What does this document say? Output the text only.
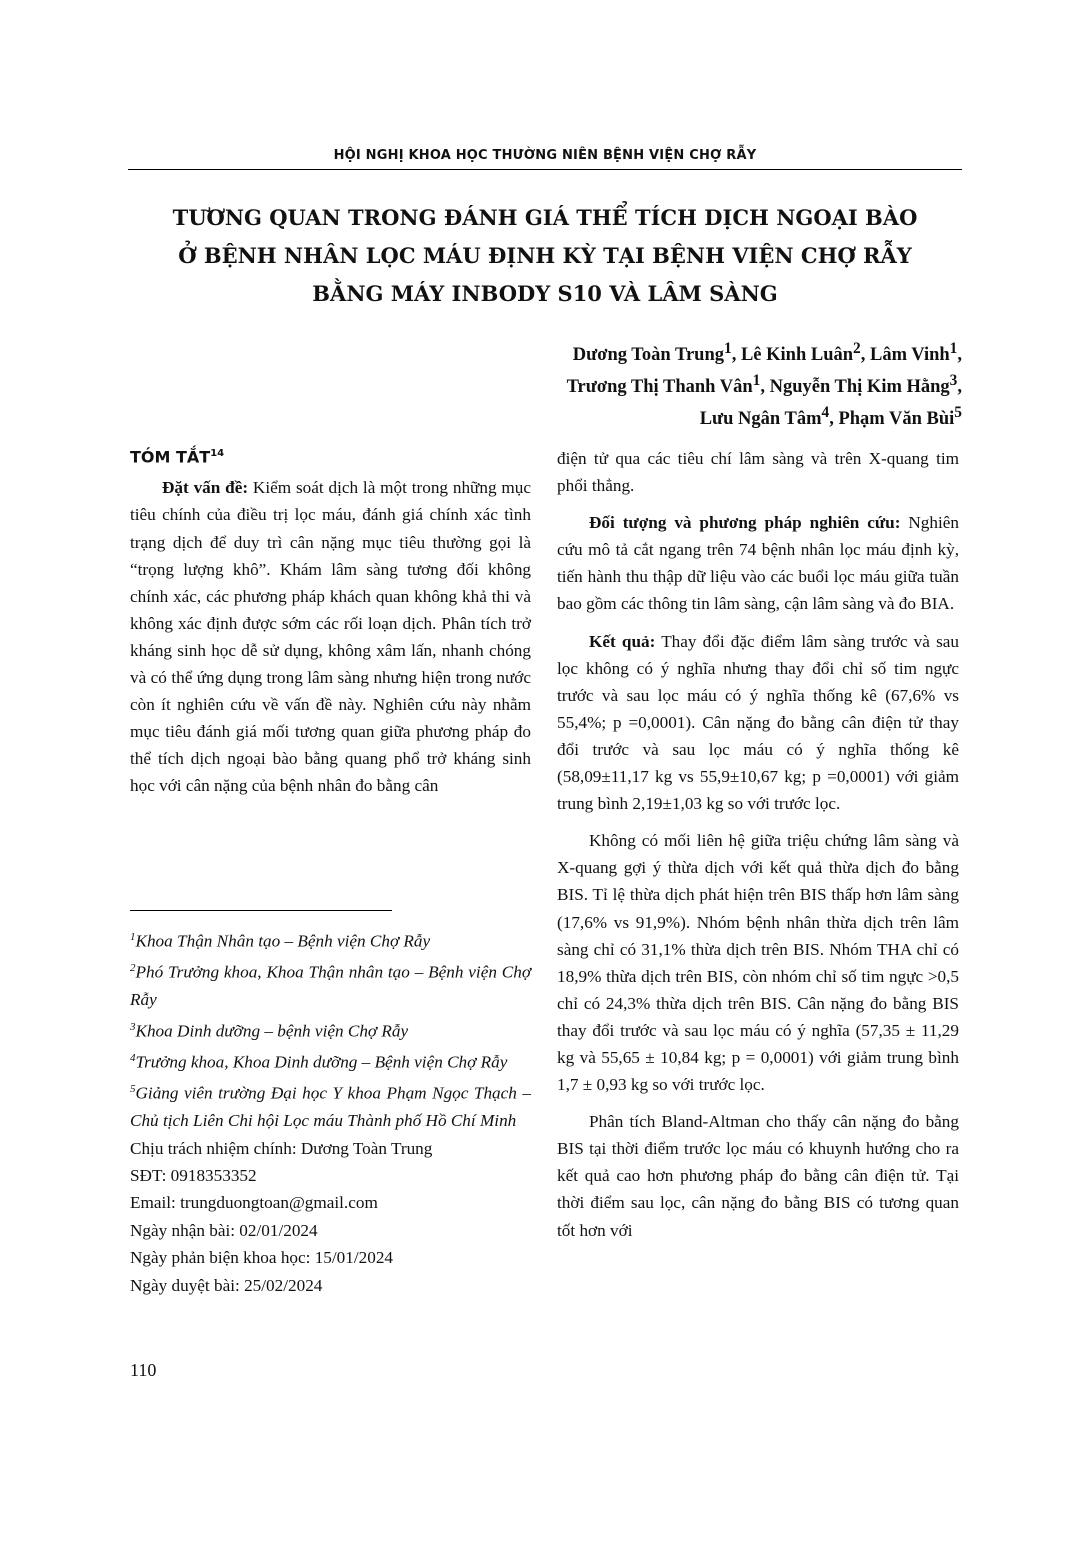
HỘI NGHỊ KHOA HỌC THƯỜNG NIÊN BỆNH VIỆN CHỢ RẪY
TƯƠNG QUAN TRONG ĐÁNH GIÁ THỂ TÍCH DỊCH NGOẠI BÀO
Ở BỆNH NHÂN LỌC MÁU ĐỊNH KỲ TẠI BỆNH VIỆN CHỢ RẪY
BẰNG MÁY INBODY S10 VÀ LÂM SÀNG
Dương Toàn Trung$^1$, Lê Kinh Luân$^2$, Lâm Vinh$^1$,
Trương Thị Thanh Vân$^1$, Nguyễn Thị Kim Hằng$^3$,
Lưu Ngân Tâm$^4$, Phạm Văn Bùi$^5$
TÓM TẮT$^{14}$

Đặt vấn đề: Kiểm soát dịch là một trong những mục tiêu chính của điều trị lọc máu, đánh giá chính xác tình trạng dịch để duy trì cân nặng mục tiêu thường gọi là “trọng lượng khô”. Khám lâm sàng tương đối không chính xác, các phương pháp khách quan không khả thi và không xác định được sớm các rối loạn dịch. Phân tích trở kháng sinh học dễ sử dụng, không xâm lấn, nhanh chóng và có thể ứng dụng trong lâm sàng nhưng hiện trong nước còn ít nghiên cứu về vấn đề này. Nghiên cứu này nhằm mục tiêu đánh giá mối tương quan giữa phương pháp đo thể tích dịch ngoại bào bằng quang phổ trở kháng sinh học với cân nặng của bệnh nhân đo bằng cân

$^1$Khoa Thận Nhân tạo – Bệnh viện Chợ Rẫy

$^2$Phó Trưởng khoa, Khoa Thận nhân tạo – Bệnh viện Chợ Rẫy

$^3$Khoa Dinh dưỡng – bệnh viện Chợ Rẫy

$^4$Trưởng khoa, Khoa Dinh dưỡng – Bệnh viện Chợ Rẫy

$^5$Giảng viên trường Đại học Y khoa Phạm Ngọc Thạch – Chủ tịch Liên Chi hội Lọc máu Thành phố Hồ Chí Minh

Chịu trách nhiệm chính: Dương Toàn Trung

SĐT: 0918353352

Email: trungduongtoan@gmail.com

Ngày nhận bài: 02/01/2024

Ngày phản biện khoa học: 15/01/2024

Ngày duyệt bài: 25/02/2024

điện tử qua các tiêu chí lâm sàng và trên X-quang tim phổi thẳng.

Đối tượng và phương pháp nghiên cứu: Nghiên cứu mô tả cắt ngang trên 74 bệnh nhân lọc máu định kỳ, tiến hành thu thập dữ liệu vào các buổi lọc máu giữa tuần bao gồm các thông tin lâm sàng, cận lâm sàng và đo BIA.

Kết quả: Thay đổi đặc điểm lâm sàng trước và sau lọc không có ý nghĩa nhưng thay đổi chỉ số tim ngực trước và sau lọc máu có ý nghĩa thống kê (67,6% vs 55,4%; p =0,0001). Cân nặng đo bằng cân điện tử thay đổi trước và sau lọc máu có ý nghĩa thống kê (58,09±11,17 kg vs 55,9±10,67 kg; p =0,0001) với giảm trung bình 2,19±1,03 kg so với trước lọc.

Không có mối liên hệ giữa triệu chứng lâm sàng và X-quang gợi ý thừa dịch với kết quả thừa dịch đo bằng BIS. Tỉ lệ thừa dịch phát hiện trên BIS thấp hơn lâm sàng (17,6% vs 91,9%). Nhóm bệnh nhân thừa dịch trên lâm sàng chỉ có 31,1% thừa dịch trên BIS. Nhóm THA chỉ có 18,9% thừa dịch trên BIS, còn nhóm chỉ số tim ngực >0,5 chỉ có 24,3% thừa dịch trên BIS. Cân nặng đo bằng BIS thay đổi trước và sau lọc máu có ý nghĩa (57,35 ± 11,29 kg và 55,65 ± 10,84 kg; p = 0,0001) với giảm trung bình 1,7 ± 0,93 kg so với trước lọc.

Phân tích Bland-Altman cho thấy cân nặng đo bằng BIS tại thời điểm trước lọc máu có khuynh hướng cho ra kết quả cao hơn phương pháp đo bằng cân điện tử. Tại thời điểm sau lọc, cân nặng đo bằng BIS có tương quan tốt hơn với

110
